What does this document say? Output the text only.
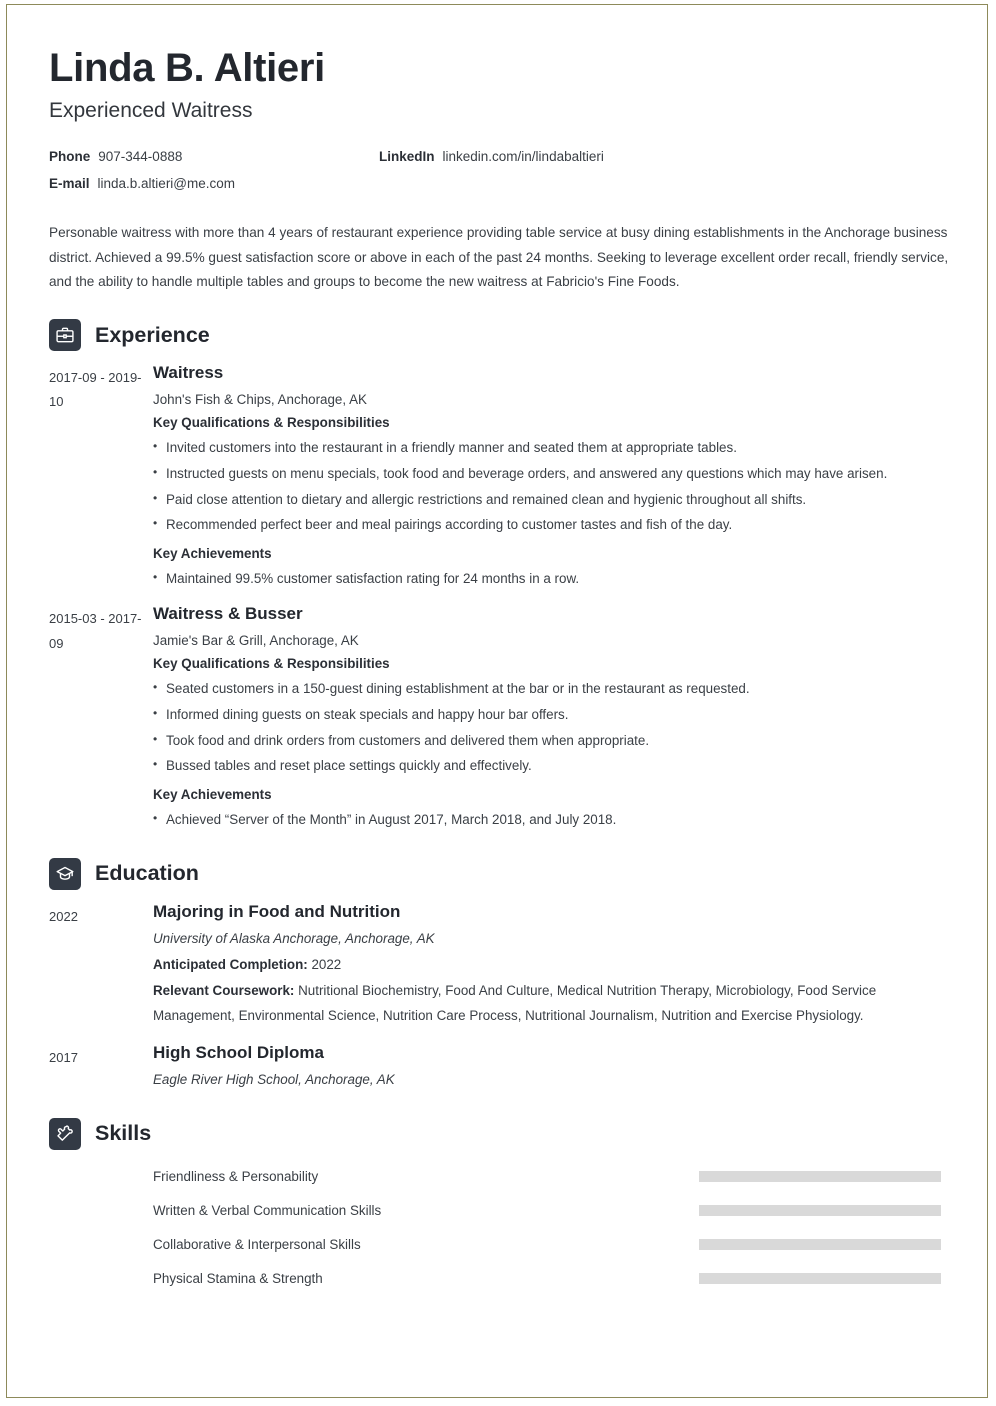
Linda B. Altieri
Experienced Waitress
Phone 907-344-0888	LinkedIn linkedin.com/in/lindabaltieri
E-mail linda.b.altieri@me.com
Personable waitress with more than 4 years of restaurant experience providing table service at busy dining establishments in the Anchorage business district. Achieved a 99.5% guest satisfaction score or above in each of the past 24 months. Seeking to leverage excellent order recall, friendly service, and the ability to handle multiple tables and groups to become the new waitress at Fabricio's Fine Foods.
Experience
2017-09 - 2019-10
Waitress
John's Fish & Chips, Anchorage, AK
Key Qualifications & Responsibilities
• Invited customers into the restaurant in a friendly manner and seated them at appropriate tables.
• Instructed guests on menu specials, took food and beverage orders, and answered any questions which may have arisen.
• Paid close attention to dietary and allergic restrictions and remained clean and hygienic throughout all shifts.
• Recommended perfect beer and meal pairings according to customer tastes and fish of the day.
Key Achievements
• Maintained 99.5% customer satisfaction rating for 24 months in a row.
2015-03 - 2017-09
Waitress & Busser
Jamie's Bar & Grill, Anchorage, AK
Key Qualifications & Responsibilities
• Seated customers in a 150-guest dining establishment at the bar or in the restaurant as requested.
• Informed dining guests on steak specials and happy hour bar offers.
• Took food and drink orders from customers and delivered them when appropriate.
• Bussed tables and reset place settings quickly and effectively.
Key Achievements
• Achieved “Server of the Month” in August 2017, March 2018, and July 2018.
Education
2022	Majoring in Food and Nutrition
University of Alaska Anchorage, Anchorage, AK
Anticipated Completion: 2022
Relevant Coursework: Nutritional Biochemistry, Food And Culture, Medical Nutrition Therapy, Microbiology, Food Service Management, Environmental Science, Nutrition Care Process, Nutritional Journalism, Nutrition and Exercise Physiology.
2017	High School Diploma
Eagle River High School, Anchorage, AK
Skills
Friendliness & Personability
Written & Verbal Communication Skills
Collaborative & Interpersonal Skills
Physical Stamina & Strength
